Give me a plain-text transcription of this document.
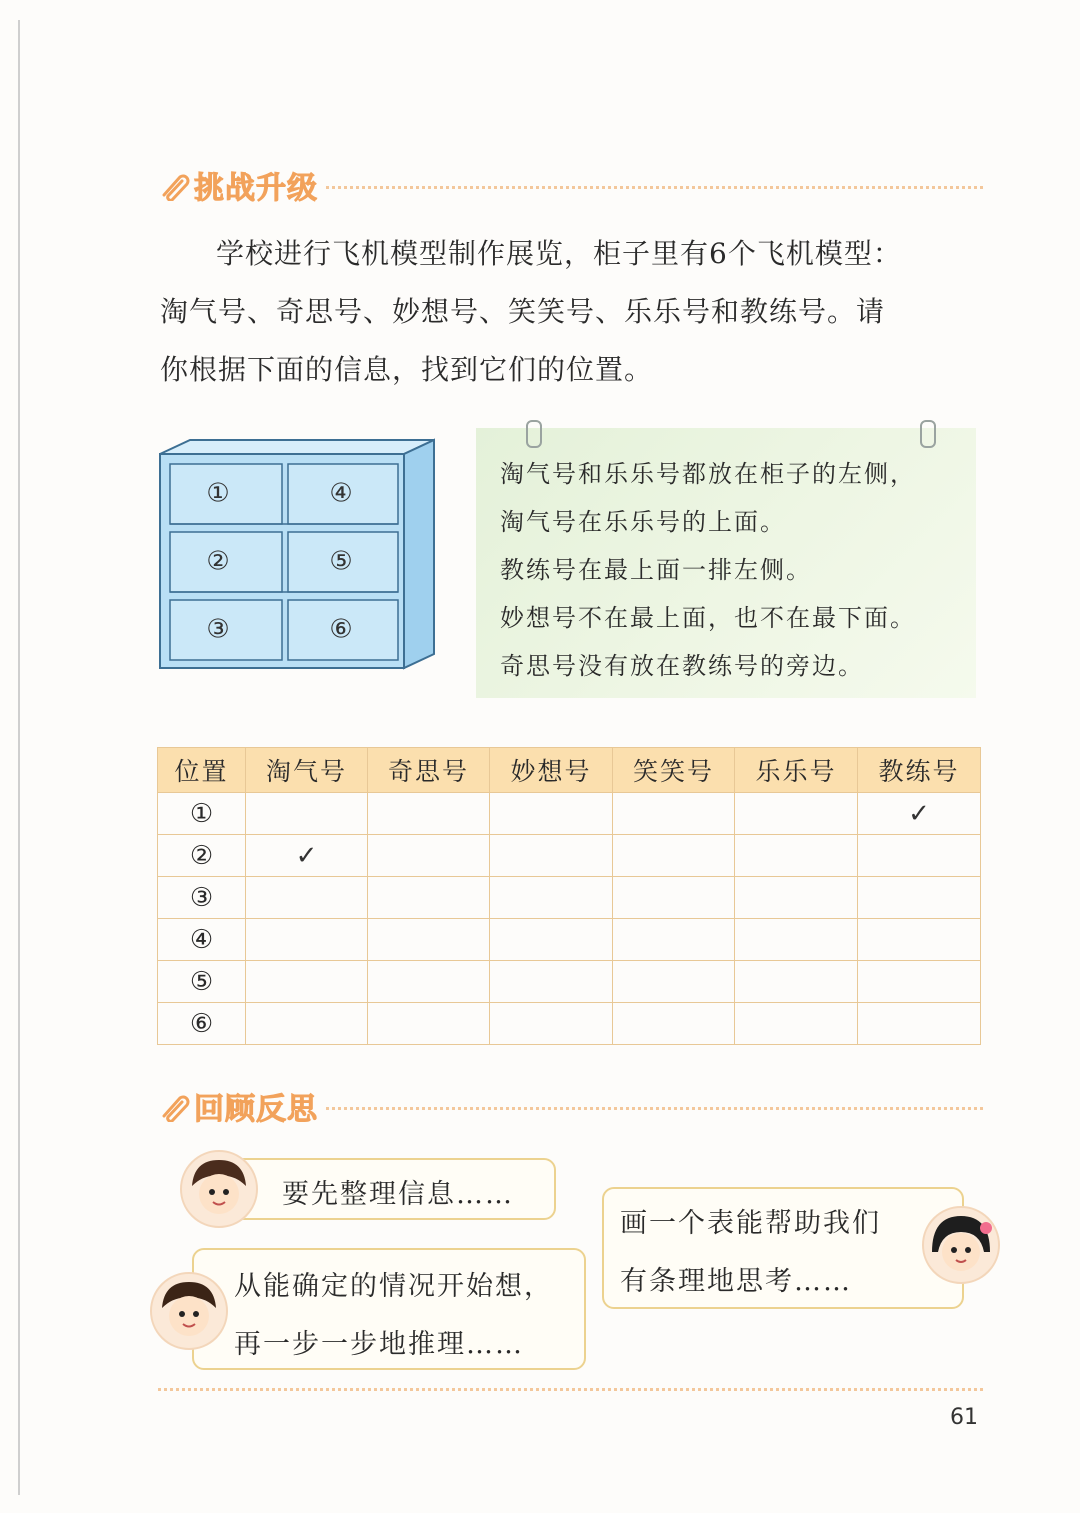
挑战升级

学校进行飞机模型制作展览，柜子里有6个飞机模型：

淘气号、奇思号、妙想号、笑笑号、乐乐号和教练号。请

你根据下面的信息，找到它们的位置。

①
②
③
④
⑤
⑥
淘气号和乐乐号都放在柜子的左侧，
淘气号在乐乐号的上面。
教练号在最上面一排左侧。
妙想号不在最上面，也不在最下面。
奇思号没有放在教练号的旁边。
位置	淘气号	奇思号	妙想号	笑笑号	乐乐号	教练号
①						✓
②	✓					
③						
④						
⑤						
⑥						
回顾反思
要先整理信息……
从能确定的情况开始想，
再一步一步地推理……
画一个表能帮助我们
有条理地思考……
61
